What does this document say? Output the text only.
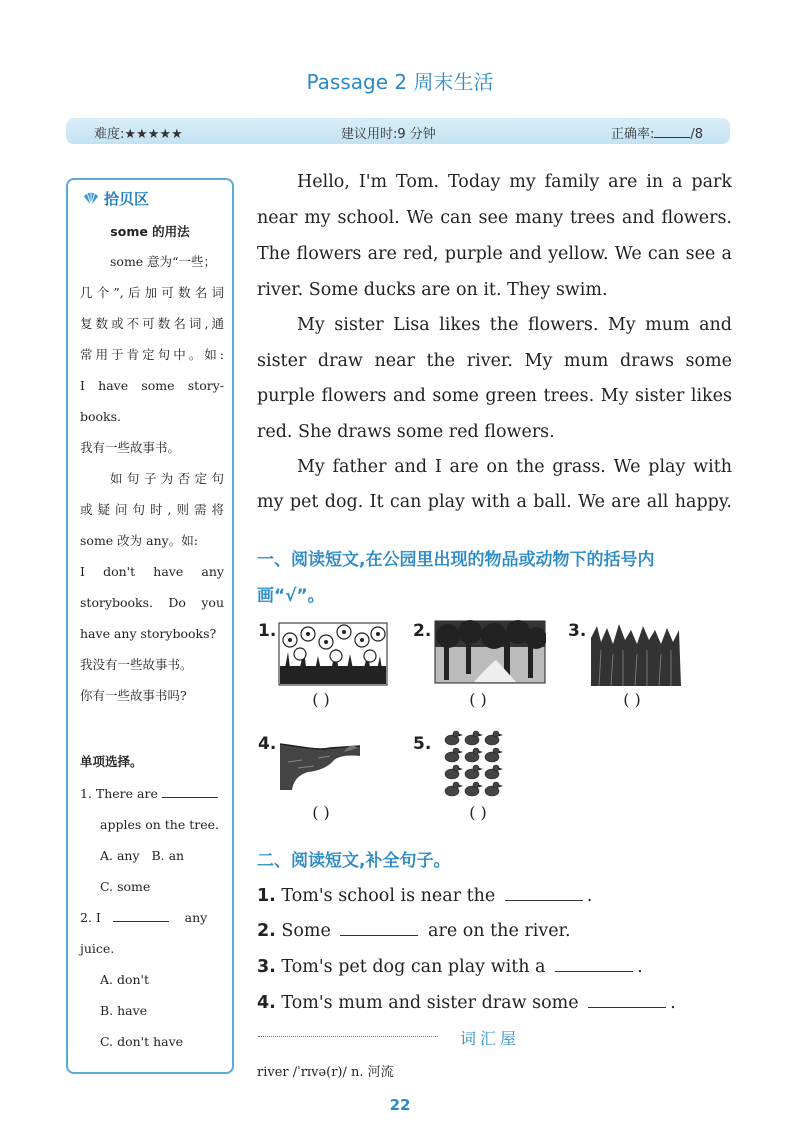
Passage 2 周末生活
难度:★★★★★	建议用时:9 分钟	正确率:	/8
拾贝区
some 的用法
some 意为“一些；
几个”,后加可数名词
复数或不可数名词,通
常用于肯定句中。如:
I have some story-
books.
我有一些故事书。
如句子为否定句
或疑问句时,则需将
some 改为 any。如:
I don't have any
storybooks. Do you
have any storybooks?
我没有一些故事书。
你有一些故事书吗?
单项选择。
1. There are
apples on the tree.
A. any   B. an
C. some
2. I	any
juice.
A. don't
B. have
C. don't have
Hello, I'm Tom. Today my family are in a park
near my school. We can see many trees and flowers.
The flowers are red, purple and yellow. We can see a
river. Some ducks are on it. They swim.
My sister Lisa likes the flowers. My mum and
sister draw near the river. My mum draws some
purple flowers and some green trees. My sister likes
red. She draws some red flowers.
My father and I are on the grass. We play with
my pet dog. It can play with a ball. We are all happy.
一、阅读短文,在公园里出现的物品或动物下的括号内
画“√”。
1.
( )
2.
( )
3.
( )
4.
( )
5.
( )
二、阅读短文,补全句子。
1. Tom's school is near the	.
2. Some	are on the river.
3. Tom's pet dog can play with a	.
4. Tom's mum and sister draw some	.
词汇屋
river /ˈrɪvə(r)/ n. 河流
22
